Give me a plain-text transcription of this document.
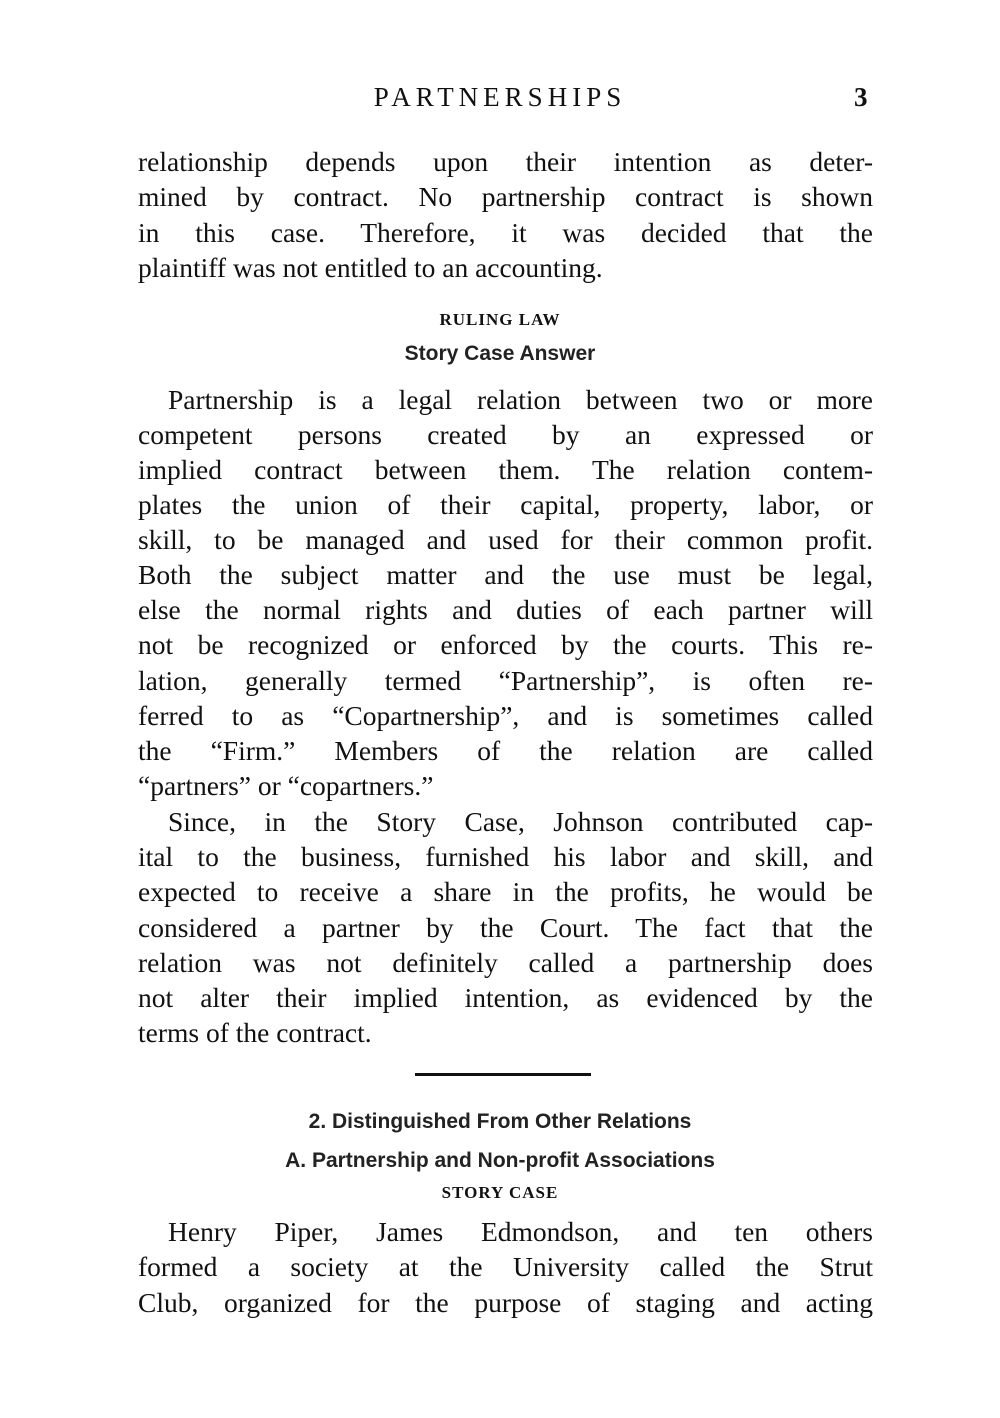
PARTNERSHIPS	3
relationship depends upon their intention as deter-
mined by contract. No partnership contract is shown
in this case. Therefore, it was decided that the
plaintiff was not entitled to an accounting.
RULING LAW
Story Case Answer
Partnership is a legal relation between two or more
competent persons created by an expressed or
implied contract between them. The relation contem-
plates the union of their capital, property, labor, or
skill, to be managed and used for their common profit.
Both the subject matter and the use must be legal,
else the normal rights and duties of each partner will
not be recognized or enforced by the courts. This re-
lation, generally termed “Partnership”, is often re-
ferred to as “Copartnership”, and is sometimes called
the “Firm.” Members of the relation are called
“partners” or “copartners.”
Since, in the Story Case, Johnson contributed cap-
ital to the business, furnished his labor and skill, and
expected to receive a share in the profits, he would be
considered a partner by the Court. The fact that the
relation was not definitely called a partnership does
not alter their implied intention, as evidenced by the
terms of the contract.
2. Distinguished From Other Relations
A. Partnership and Non-profit Associations
STORY CASE
Henry Piper, James Edmondson, and ten others
formed a society at the University called the Strut
Club, organized for the purpose of staging and acting
